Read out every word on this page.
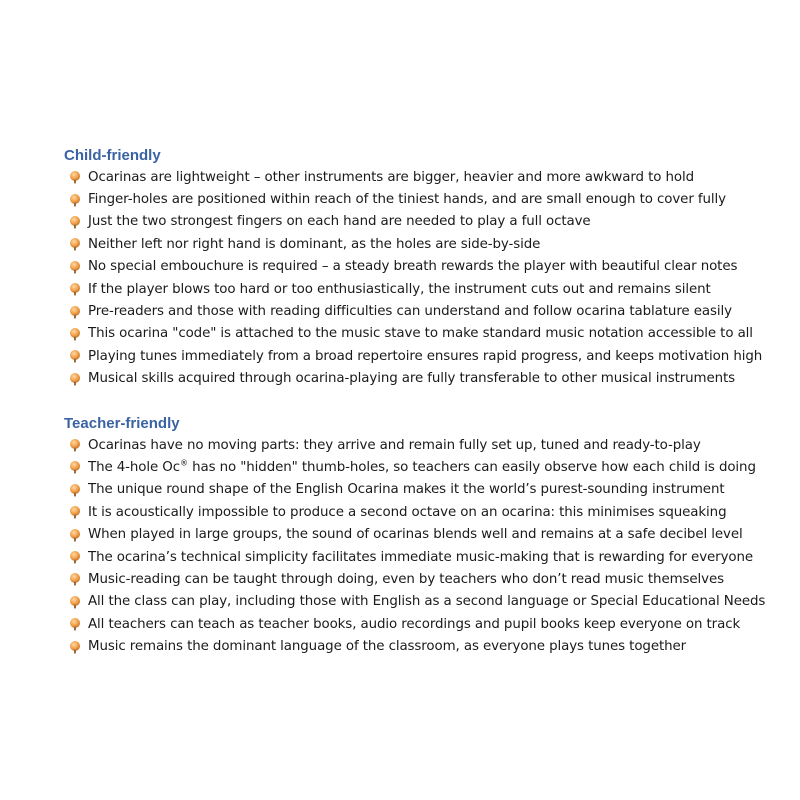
Child-friendly
Ocarinas are lightweight – other instruments are bigger, heavier and more awkward to hold
Finger-holes are positioned within reach of the tiniest hands, and are small enough to cover fully
Just the two strongest fingers on each hand are needed to play a full octave
Neither left nor right hand is dominant, as the holes are side-by-side
No special embouchure is required – a steady breath rewards the player with beautiful clear notes
If the player blows too hard or too enthusiastically, the instrument cuts out and remains silent
Pre-readers and those with reading difficulties can understand and follow ocarina tablature easily
This ocarina "code" is attached to the music stave to make standard music notation accessible to all
Playing tunes immediately from a broad repertoire ensures rapid progress, and keeps motivation high
Musical skills acquired through ocarina-playing are fully transferable to other musical instruments
Teacher-friendly
Ocarinas have no moving parts: they arrive and remain fully set up, tuned and ready-to-play
The 4-hole Oc® has no "hidden" thumb-holes, so teachers can easily observe how each child is doing
The unique round shape of the English Ocarina makes it the world’s purest-sounding instrument
It is acoustically impossible to produce a second octave on an ocarina: this minimises squeaking
When played in large groups, the sound of ocarinas blends well and remains at a safe decibel level
The ocarina’s technical simplicity facilitates immediate music-making that is rewarding for everyone
Music-reading can be taught through doing, even by teachers who don’t read music themselves
All the class can play, including those with English as a second language or Special Educational Needs
All teachers can teach as teacher books, audio recordings and pupil books keep everyone on track
Music remains the dominant language of the classroom, as everyone plays tunes together
